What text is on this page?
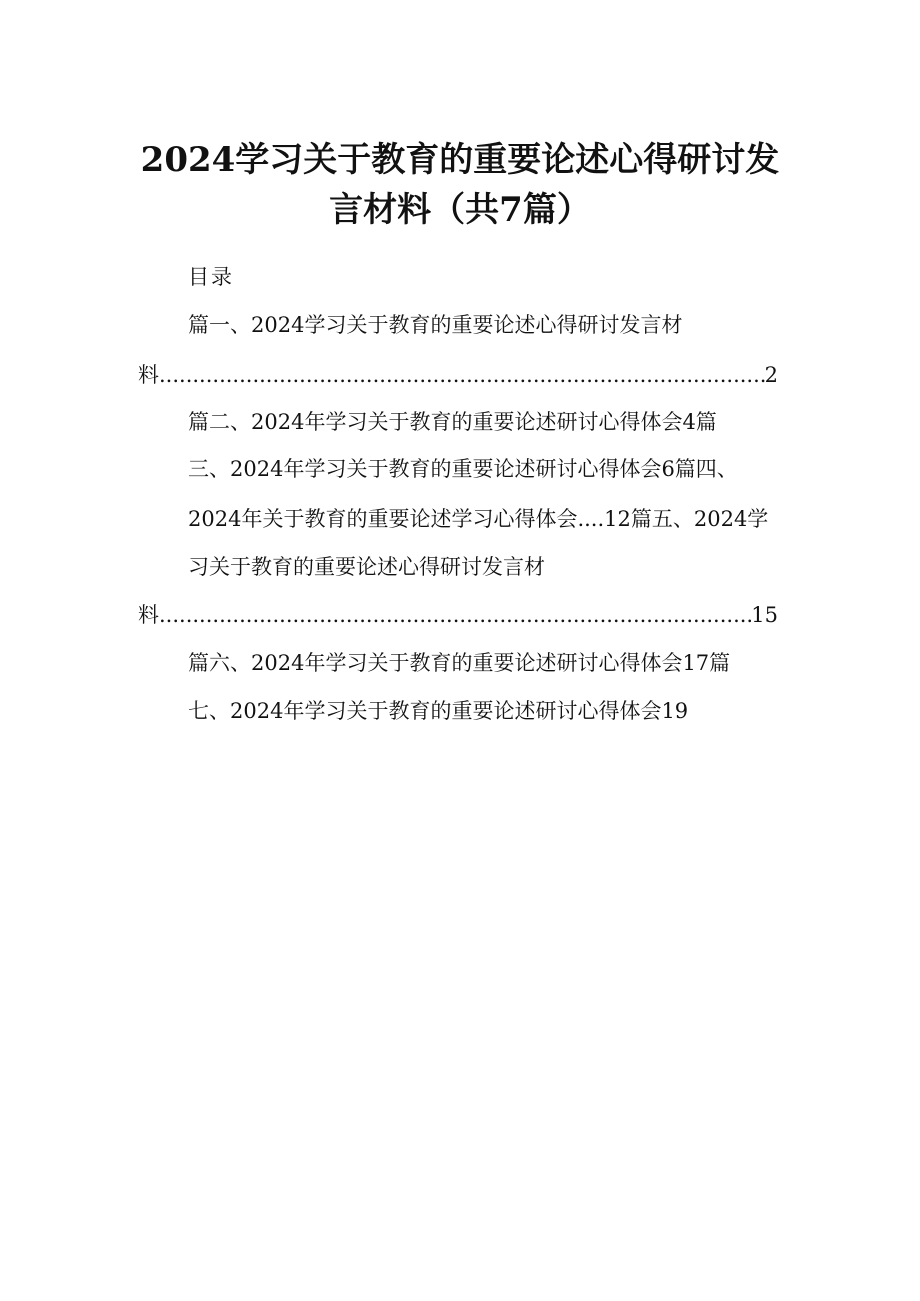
2024学习关于教育的重要论述心得研讨发
言材料（共7篇）
目录
篇一、2024学习关于教育的重要论述心得研讨发言材
料 .....	2
篇二、2024年学习关于教育的重要论述研讨心得体会4篇
三、2024年学习关于教育的重要论述研讨心得体会6篇四、
2024年关于教育的重要论述学习心得体会....12篇五、2024学
习关于教育的重要论述心得研讨发言材
料 .....	15
篇六、2024年学习关于教育的重要论述研讨心得体会17篇
七、2024年学习关于教育的重要论述研讨心得体会19
